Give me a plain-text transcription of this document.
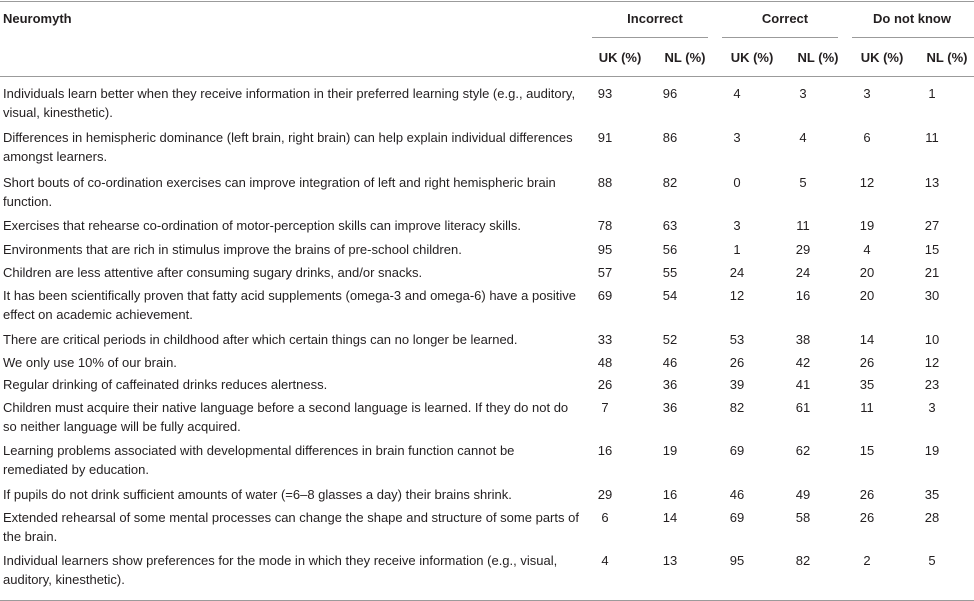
Neuromyth	Incorrect	Correct	Do not know
UK (%)	NL (%)	UK (%)	NL (%)	UK (%)	NL (%)
Individuals learn better when they receive information in their preferred learning style (e.g., auditory, visual, kinesthetic).
93	96	4	3	3	1
Differences in hemispheric dominance (left brain, right brain) can help explain individual differences amongst learners.
91	86	3	4	6	11
Short bouts of co-ordination exercises can improve integration of left and right hemispheric brain function.
88	82	0	5	12	13
Exercises that rehearse co-ordination of motor-perception skills can improve literacy skills.	78	63	3	11	19	27
Environments that are rich in stimulus improve the brains of pre-school children.	95	56	1	29	4	15
Children are less attentive after consuming sugary drinks, and/or snacks.	57	55	24	24	20	21
It has been scientifically proven that fatty acid supplements (omega-3 and omega-6) have a positive effect on academic achievement.
69	54	12	16	20	30
There are critical periods in childhood after which certain things can no longer be learned.	33	52	53	38	14	10
We only use 10% of our brain.	48	46	26	42	26	12
Regular drinking of caffeinated drinks reduces alertness.	26	36	39	41	35	23
Children must acquire their native language before a second language is learned. If they do not do so neither language will be fully acquired.
7	36	82	61	11	3
Learning problems associated with developmental differences in brain function cannot be remediated by education.
16	19	69	62	15	19
If pupils do not drink sufficient amounts of water (=6–8 glasses a day) their brains shrink.	29	16	46	49	26	35
Extended rehearsal of some mental processes can change the shape and structure of some parts of the brain.
6	14	69	58	26	28
Individual learners show preferences for the mode in which they receive information (e.g., visual, auditory, kinesthetic).
4	13	95	82	2	5
